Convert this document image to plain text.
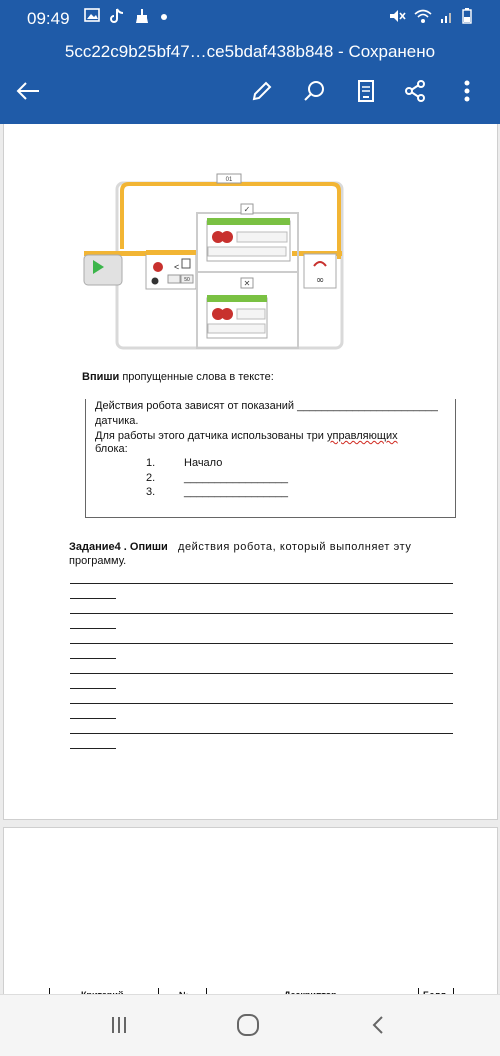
09:49
5cc22c9b25bf47…ce5bdaf438b848 - Сохранено
01
<
50
✓
✕	∞
Впиши пропущенные слова в тексте:
Действия робота зависят от показаний _______________________
датчика.
Для работы этого датчика использованы три управляющих
блока:
1.	Начало
2.	_________________
3.	_________________
Задание4 . Опиши действия робота, который выполняет эту
программу.
